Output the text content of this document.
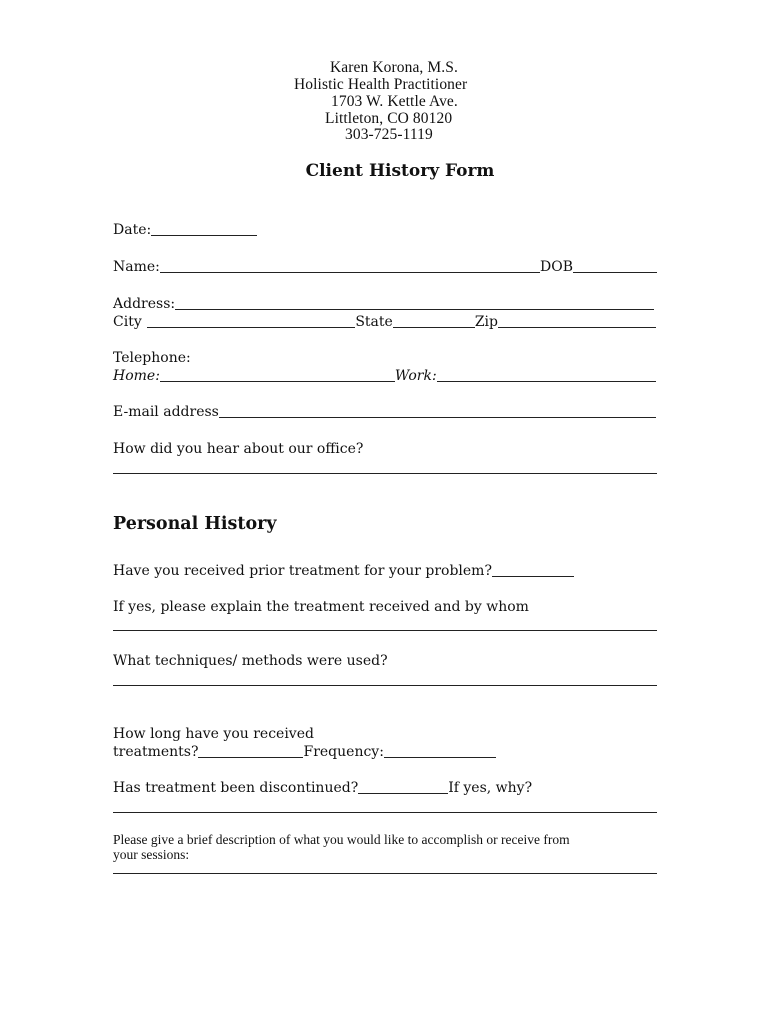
Karen Korona, M.S.
Holistic Health Practitioner
1703 W. Kettle Ave.
Littleton, CO 80120
303-725-1119
Client History Form
Date:
Name:	DOB
Address:
City	State	Zip
Telephone:
Home:	Work:
E-mail address
How did you hear about our office?
Personal History
Have you received prior treatment for your problem?
If yes, please explain the treatment received and by whom
What techniques/ methods were used?
How long have you received
treatments?	Frequency:
Has treatment been discontinued?	If yes, why?
Please give a brief description of what you would like to accomplish or receive from
your sessions:
